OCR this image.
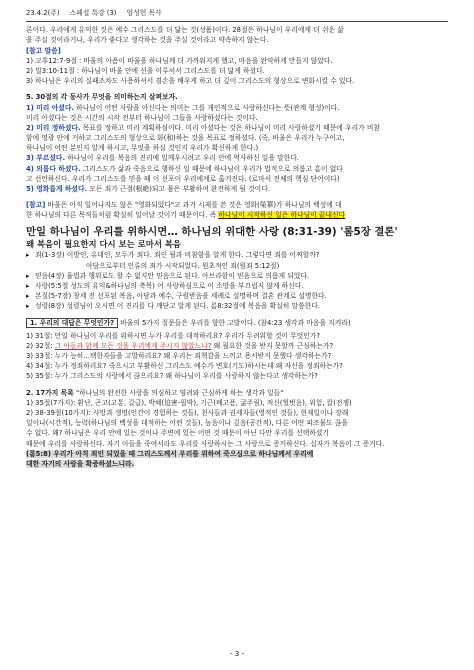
23.4.2(주) 스페셜 특강 (3) 엄성헌 목사

론이다. 우리에게 유익한 것은 예수 그리스도를 더 닮는 것(성품)이다. 28절은 하나님이 우리에게 더 쉬운 삶

을 주실 것이라거나, 우리가 좋다고 생각하는 것을 주실 것이라고 약속하지 않는다.

[참고 말씀]

1) 고후12:7-9절 : 바울의 아픔이 바울을 하나님께 더 가까워지게 했고, 마음을 완악하게 만들지 않았다.

2) 빌3:10-11절 : 하나님이 바울 안에 선을 이루셔서 그리스도를 더 닮게 하셨다.

3) 하나님은 우리의 실패조차도 사용하셔서 겸손을 배우게 하고 더 깊이 그리스도의 형상으로 변화시킬 수 있다.

5. 30절의 각 동사가 무엇을 의미하는지 살펴보자.

1) 미리 아셨다. 하나님이 어떤 사람을 아신다는 의미는 그를 개인적으로 사랑하신다는 뜻(관계 형성)이다.

미리 아셨다는 것은 시간의 시작 전부터 하나님이 그들을 사랑하셨다는 것이다.

2) 미리 정하셨다. 목표를 정하고 미리 계획하심이다. 미리 아셨다는 것은 하나님이 미리 사랑하셨기 때문에 우리가 비참

함에 영광 안에 거하고 그리스도의 형상으로 화(和)하는 것을 목표로 정하셨다. (죽, 바울은 우리가 누구이고,

하나님이 어떤 분인지 알게 하시고, 무엇을 하실 것인지 우리가 확신하게 한다.)

3) 부르셨다. 하나님이 우리를 복음의 진리에 일깨우시려고 우리 안에 역사하신 일을 말한다.

4) 의롭다 하셨다. 그리스도가 삶과 죽음으로 행하신 일 때문에 하나님이 우리가 법적으로 의롭고 흠이 없다

고 선언하신다. 우리가 그리스도를 믿을 때 이 선포이 우리에게로 옮겨진다. (로마서 전체의 핵심 단어이다)

5) 영화롭게 하셨다. 모든 죄가 근절(根絶)되고 몸은 부활하여 완전하게 될 것이다.

[참고] 바울은 아직 일어나지도 않은 "영화되었다"고 과거 시제를 쓴 것은 영화(榮華)가 하나님의 백성에 대

한 하나님의 다른 목적들처럼 확실히 일어날 것이기 때문이다. 즉 하나님이 시작하신 일은 하나님이 끝내신다

만일 하나님이 우리를 위하시면… 하나님의 위대한 사랑 (8:31-39) '롬5장 결론'

왜 복음이 필요한지 다시 보는 로마서 복음

▸ 죄(1-3장) 이방인, 유대인, 모두가 죄다. 죄인 될과 비참함을 알게 한다. 그렇다면 죄를 어찌할까?

아담으로부터 인류의 죄가 시작되었다. 원초적인 죄(원죄 5:12절)

▸ 믿음(4장) 율법과 행위로도 할 수 없지만 믿음으로 된다. 아브라함이 믿음으로 의롭게 되었다.

▸ 사랑(5:5절 성도의 유익&하나님의 축복) 어 사랑하심으로 이 소망을 부끄럽지 않게 하신다.

▸ 본질(5-7장) 창세 전 선포된 복음, 아담과 예수, 구원받음을 세례로 설명하며 결혼 관계로 설명한다.

▸ 성령(8장) 성령님이 오시면 이 진리를 다 깨닫고 알게 된다. 롬8:32절에 복음을 확실히 말씀한다.

1. 우리의 대답은 무엇인가? 바울의 5가지 질문들은 우리를 향한 고발이다. (참4:23 생각과 마음을 지켜라)

1) 31절: 만일 하나님이 우리를 위하시면 누가 우리를 대적하리요? 우리가 두려워할 것이 무엇인가?

2) 32절: 그 아들과 함께 모든 것을 우리에게 주시지 않았느냐? 왜 필요한 것을 받지 못할까 근심하는가?

3) 33절: 누가 능히…택한자들을 고발하리요? 왜 우리는 죄책감을 느끼고 용서받지 못했다 생각하는가?

4) 34절: 누가 정죄하리요? 죽으시고 부활하신 그리스도 예수가 변호(기도)하시는데 왜 자신을 정죄하는가?

5) 35절: 누가 그리스도의 사랑에서 끊으리요? 왜 하나님이 우리를 사랑하지 않는다고 생각하는가?

2. 17가지 목록 "하나님의 완전한 사랑을 의심하고 염려와 근심하게 하는 생각과 일들"

1) 35절(7가지): 환난, 곤고(고통, 갈급), 박해(迫害-핍박), 기근(배고픔, 굶주림), 적신(헐벗음), 위험, 칼(전쟁)

2) 38-39절(10가지): 사망과 생명(인간이 경험하는 것들), 천사들과 권세자들(영적인 것들), 현재일이나 장래

일이나(시간적), 능력(하나님의 백성을 대적하는 어떤 것들), 높음이나 깊음(공간적), 다른 어떤 피조물도 끊을

수 없다. 왜? 하나님은 우리 안에 있는 것이나 주변에 있는 어떤 것 때문이 아닌 다만 우리를 선택하셨기

때문에 우리를 사랑하신다. 자기 아들을 죽여서라도 우리를 사랑하시는 그 사랑으로 증거하신다. 십자가 복음이 그 증거다.

(롬5:8) 우리가 아직 죄인 되었을 때 그리스도께서 우리를 위하여 죽으심으로 하나님께서 우리에

대한 자기의 사랑을 확증하셨느니라.

- 3 -
